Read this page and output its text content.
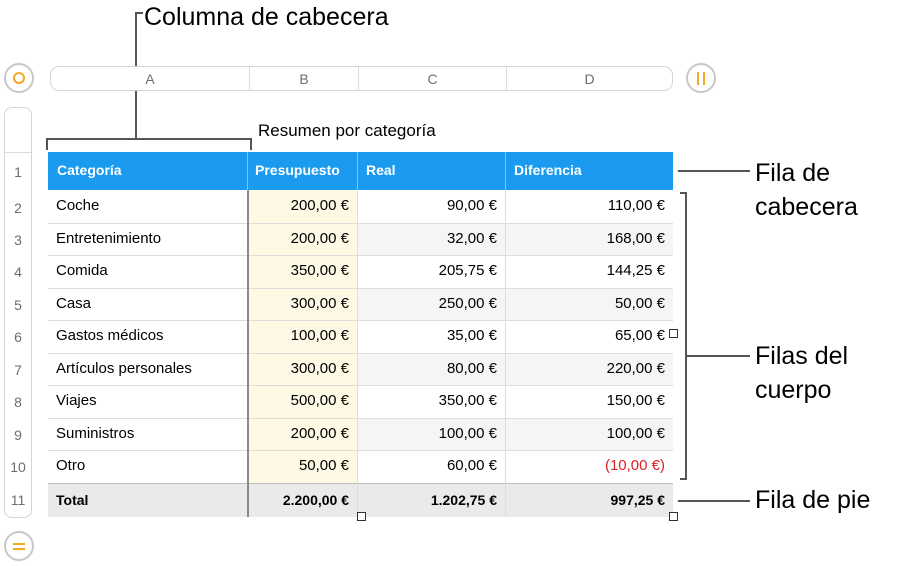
Columna de cabecera
Fila de
cabecera
Filas del
cuerpo
Fila de pie
A	B	C	D
Resumen por categoría
1
2
3
4
5
6
7
8
9
10
11
Categoría	Presupuesto	Real	Diferencia
Coche	200,00 €	90,00 €	110,00 €
Entretenimiento	200,00 €	32,00 €	168,00 €
Comida	350,00 €	205,75 €	144,25 €
Casa	300,00 €	250,00 €	50,00 €
Gastos médicos	100,00 €	35,00 €	65,00 €
Artículos personales	300,00 €	80,00 €	220,00 €
Viajes	500,00 €	350,00 €	150,00 €
Suministros	200,00 €	100,00 €	100,00 €
Otro	50,00 €	60,00 €	(10,00 €)
Total	2.200,00 €	1.202,75 €	997,25 €
